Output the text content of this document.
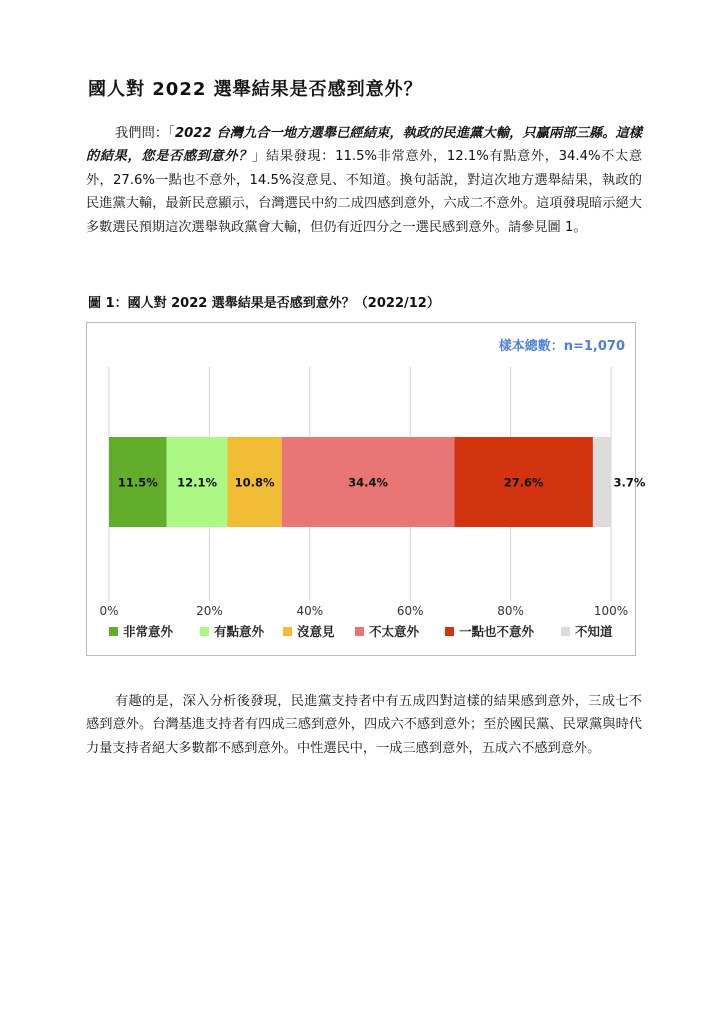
國人對 2022 選舉結果是否感到意外？
我們問：「2022 台灣九合一地方選舉已經結束，執政的民進黨大輸，只贏兩部三縣。這樣的結果，您是否感到意外？」結果發現：11.5%非常意外，12.1%有點意外，34.4%不太意外，27.6%一點也不意外，14.5%沒意見、不知道。換句話說，對這次地方選舉結果，執政的民進黨大輸，最新民意顯示，台灣選民中約二成四感到意外，六成二不意外。這項發現暗示絕大多數選民預期這次選舉執政黨會大輸，但仍有近四分之一選民感到意外。請參見圖 1。
圖 1：國人對 2022 選舉結果是否感到意外？（2022/12）
0%	20%	40%	60%	80%	100%
11.5% 12.1% 10.8%	34.4%	27.6%	3.7%
非常意外	有點意外	沒意見	不太意外	一點也不意外	不知道
樣本總數：n=1,070
有趣的是，深入分析後發現，民進黨支持者中有五成四對這樣的結果感到意外，三成七不感到意外。台灣基進支持者有四成三感到意外，四成六不感到意外；至於國民黨、民眾黨與時代力量支持者絕大多數都不感到意外。中性選民中，一成三感到意外，五成六不感到意外。
